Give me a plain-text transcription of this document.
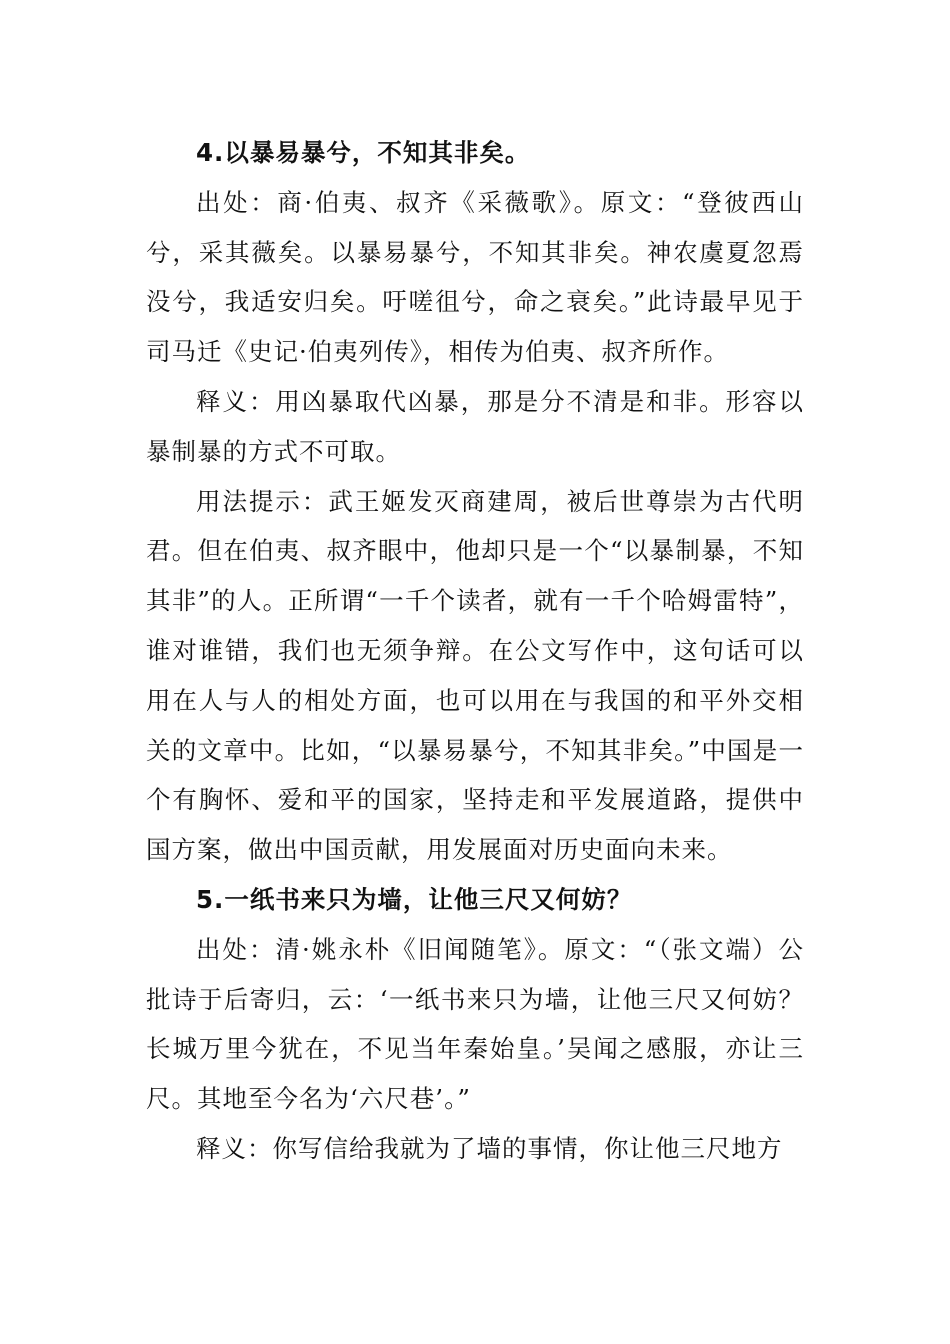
4.以暴易暴兮，不知其非矣。

出处：商·伯夷、叔齐《采薇歌》。原文：“登彼西山兮，采其薇矣。以暴易暴兮，不知其非矣。神农虞夏忽焉没兮，我适安归矣。吁嗟徂兮，命之衰矣。”此诗最早见于司马迁《史记·伯夷列传》，相传为伯夷、叔齐所作。

释义：用凶暴取代凶暴，那是分不清是和非。形容以暴制暴的方式不可取。

用法提示：武王姬发灭商建周，被后世尊崇为古代明君。但在伯夷、叔齐眼中，他却只是一个“以暴制暴，不知其非”的人。正所谓“一千个读者，就有一千个哈姆雷特”，谁对谁错，我们也无须争辩。在公文写作中，这句话可以用在人与人的相处方面，也可以用在与我国的和平外交相关的文章中。比如，“以暴易暴兮，不知其非矣。”中国是一个有胸怀、爱和平的国家，坚持走和平发展道路，提供中国方案，做出中国贡献，用发展面对历史面向未来。

5.一纸书来只为墙，让他三尺又何妨？

出处：清·姚永朴《旧闻随笔》。原文：“（张文端）公批诗于后寄归，云：‘一纸书来只为墙，让他三尺又何妨？长城万里今犹在，不见当年秦始皇。’吴闻之感服，亦让三尺。其地至今名为‘六尺巷’。”

释义：你写信给我就为了墙的事情，你让他三尺地方
